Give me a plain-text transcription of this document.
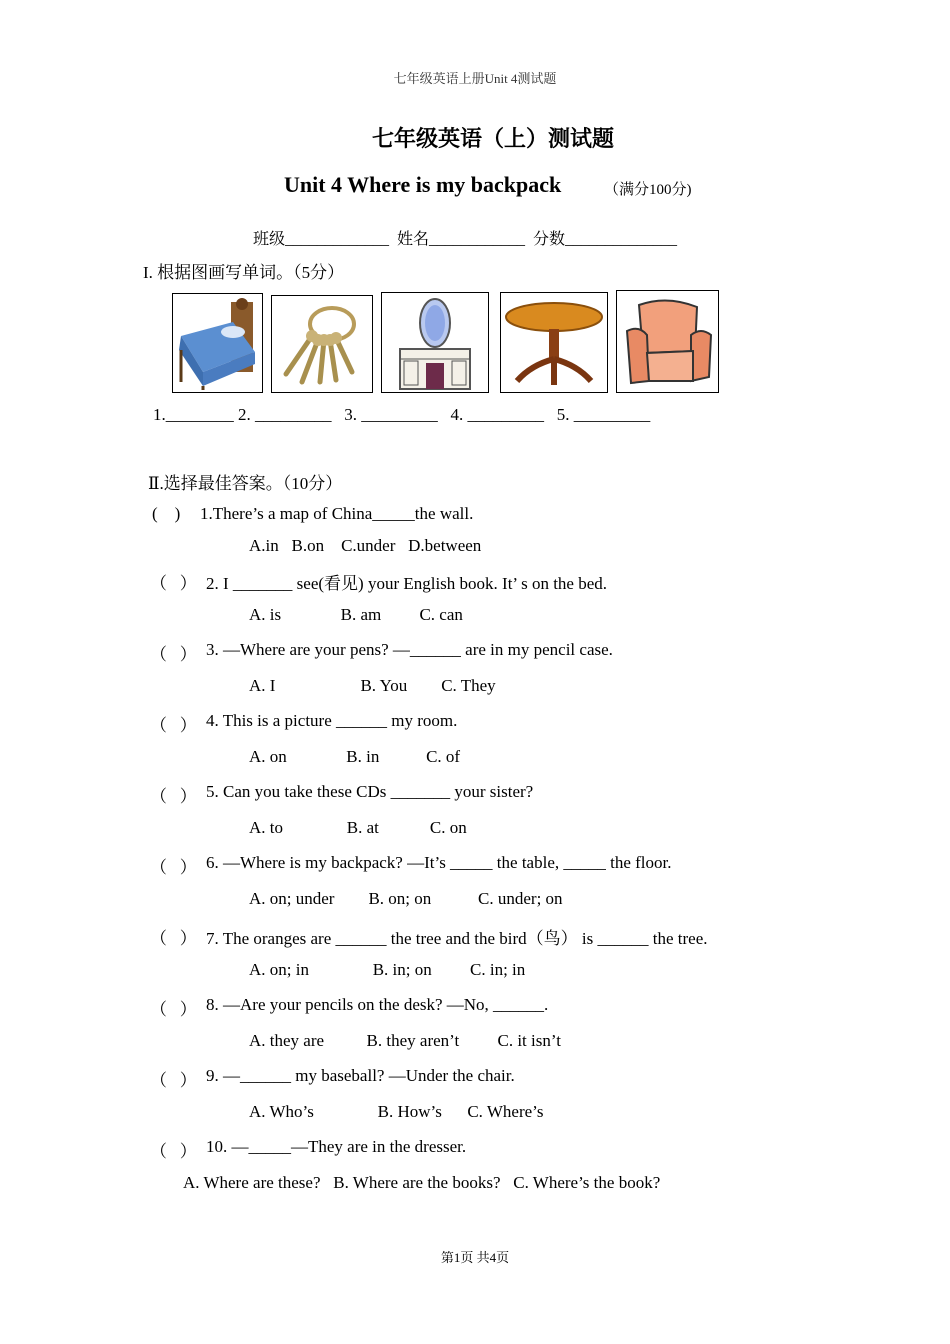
七年级英语上册Unit 4测试题
七年级英语（上）测试题
Unit 4 Where is my backpack	（满分100分)
班级_____________  姓名____________  分数______________
I. 根据图画写单词。（5分）
1.________ 2. _________   3. _________   4. _________   5. _________
Ⅱ.选择最佳答案。（10分）
(    ) 1.There’s a map of China_____the wall.
A.in   B.on    C.under   D.between
（   ） 2. I _______ see(看见) your English book. It’ s on the bed.
A. is              B. am         C. can
（   ） 3. —Where are your pens? —______ are in my pencil case.
A. I                    B. You        C. They
（   ） 4. This is a picture ______ my room.
A. on              B. in           C. of
（   ） 5. Can you take these CDs _______ your sister?
A. to               B. at            C. on
（   ） 6. —Where is my backpack? —It’s _____ the table, _____ the floor.
A. on; under        B. on; on           C. under; on
（   ） 7. The oranges are ______ the tree and the bird（鸟） is ______ the tree.
A. on; in               B. in; on         C. in; in
（   ） 8. —Are your pencils on the desk? —No, ______.
A. they are          B. they aren’t         C. it isn’t
（   ） 9. —______ my baseball? —Under the chair.
A. Who’s               B. How’s      C. Where’s
（   ） 10. —_____—They are in the dresser.
A. Where are these?   B. Where are the books?   C. Where’s the book?
第1页 共4页
